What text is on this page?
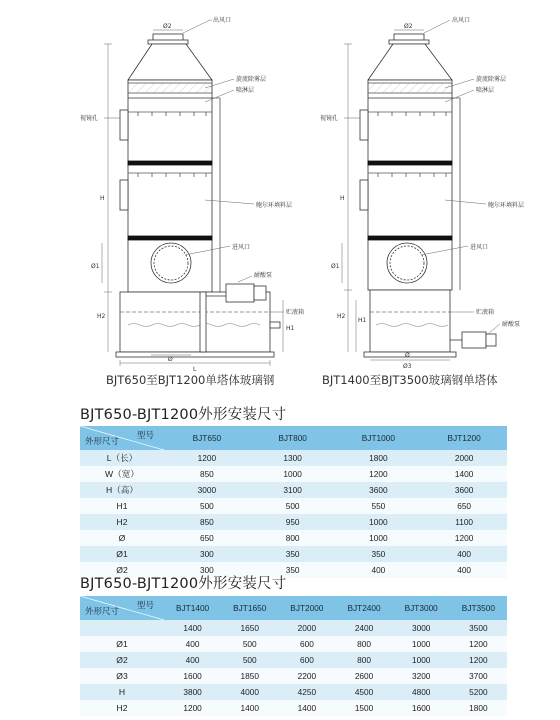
出风口
旋流除雾层
喷淋层
视镜孔
鲍尔环填料层
进风口
耐酸泵
贮液箱
Ø2
H
Ø1
H2
H1
L
Ø
出风口
旋流除雾层
喷淋层
视镜孔
鲍尔环填料层
进风口
贮液箱
耐酸泵
Ø2
H
Ø1
H2
H1
Ø3
Ø
BJT650至BJT1200单塔体玻璃钢	BJT1400至BJT3500玻璃钢单塔体
BJT650-BJT1200外形安装尺寸
型号
外形尺寸	BJT650	BJT800	BJT1000	BJT1200
L（长）	1200	1300	1800	2000
W（宽）	850	1000	1200	1400
H（高）	3000	3100	3600	3600
H1	500	500	550	650
H2	850	950	1000	1100
Ø	650	800	1000	1200
Ø1	300	350	350	400
Ø2	300	350	400	400
BJT650-BJT1200外形安装尺寸
型号
外形尺寸	BJT1400	BJT1650	BJT2000	BJT2400	BJT3000	BJT3500
	1400	1650	2000	2400	3000	3500
Ø1	400	500	600	800	1000	1200
Ø2	400	500	600	800	1000	1200
Ø3	1600	1850	2200	2600	3200	3700
H	3800	4000	4250	4500	4800	5200
H2	1200	1400	1400	1500	1600	1800
